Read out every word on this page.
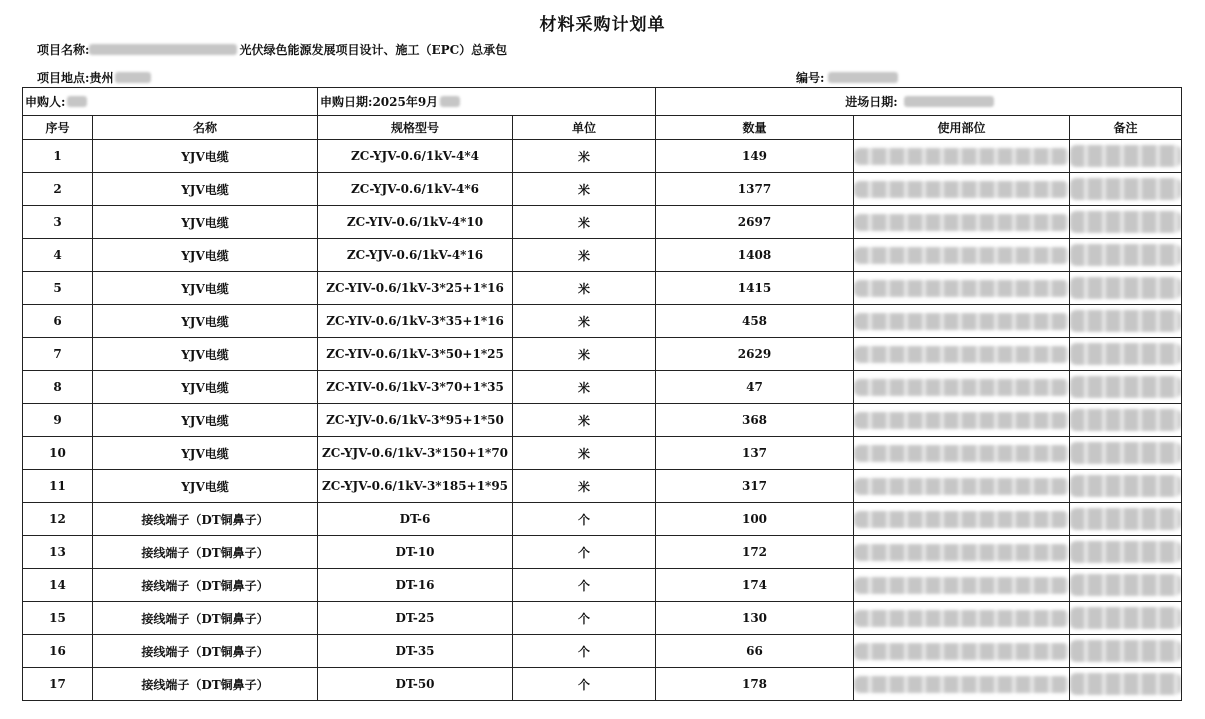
材料采购计划单
项目名称:	光伏绿色能源发展项目设计、施工（EPC）总承包
项目地点:贵州	编号:
申购人:		申购日期:2025年9月		进场日期:		
序号	名称	规格型号	单位	数量	使用部位	备注
1	YJV电缆	ZC-YJV-0.6/1kV-4*4	米	149	

2	YJV电缆	ZC-YJV-0.6/1kV-4*6	米	1377	

3	YJV电缆	ZC-YIV-0.6/1kV-4*10	米	2697	

4	YJV电缆	ZC-YJV-0.6/1kV-4*16	米	1408	

5	YJV电缆	ZC-YIV-0.6/1kV-3*25+1*16	米	1415	

6	YJV电缆	ZC-YIV-0.6/1kV-3*35+1*16	米	458	

7	YJV电缆	ZC-YIV-0.6/1kV-3*50+1*25	米	2629	

8	YJV电缆	ZC-YIV-0.6/1kV-3*70+1*35	米	47	

9	YJV电缆	ZC-YJV-0.6/1kV-3*95+1*50	米	368	

10	YJV电缆	ZC-YJV-0.6/1kV-3*150+1*70	米	137	

11	YJV电缆	ZC-YJV-0.6/1kV-3*185+1*95	米	317	

12	接线端子（DT铜鼻子）	DT-6	个	100	

13	接线端子（DT铜鼻子）	DT-10	个	172	

14	接线端子（DT铜鼻子）	DT-16	个	174	

15	接线端子（DT铜鼻子）	DT-25	个	130	

16	接线端子（DT铜鼻子）	DT-35	个	66	

17	接线端子（DT铜鼻子）	DT-50	个	178	
